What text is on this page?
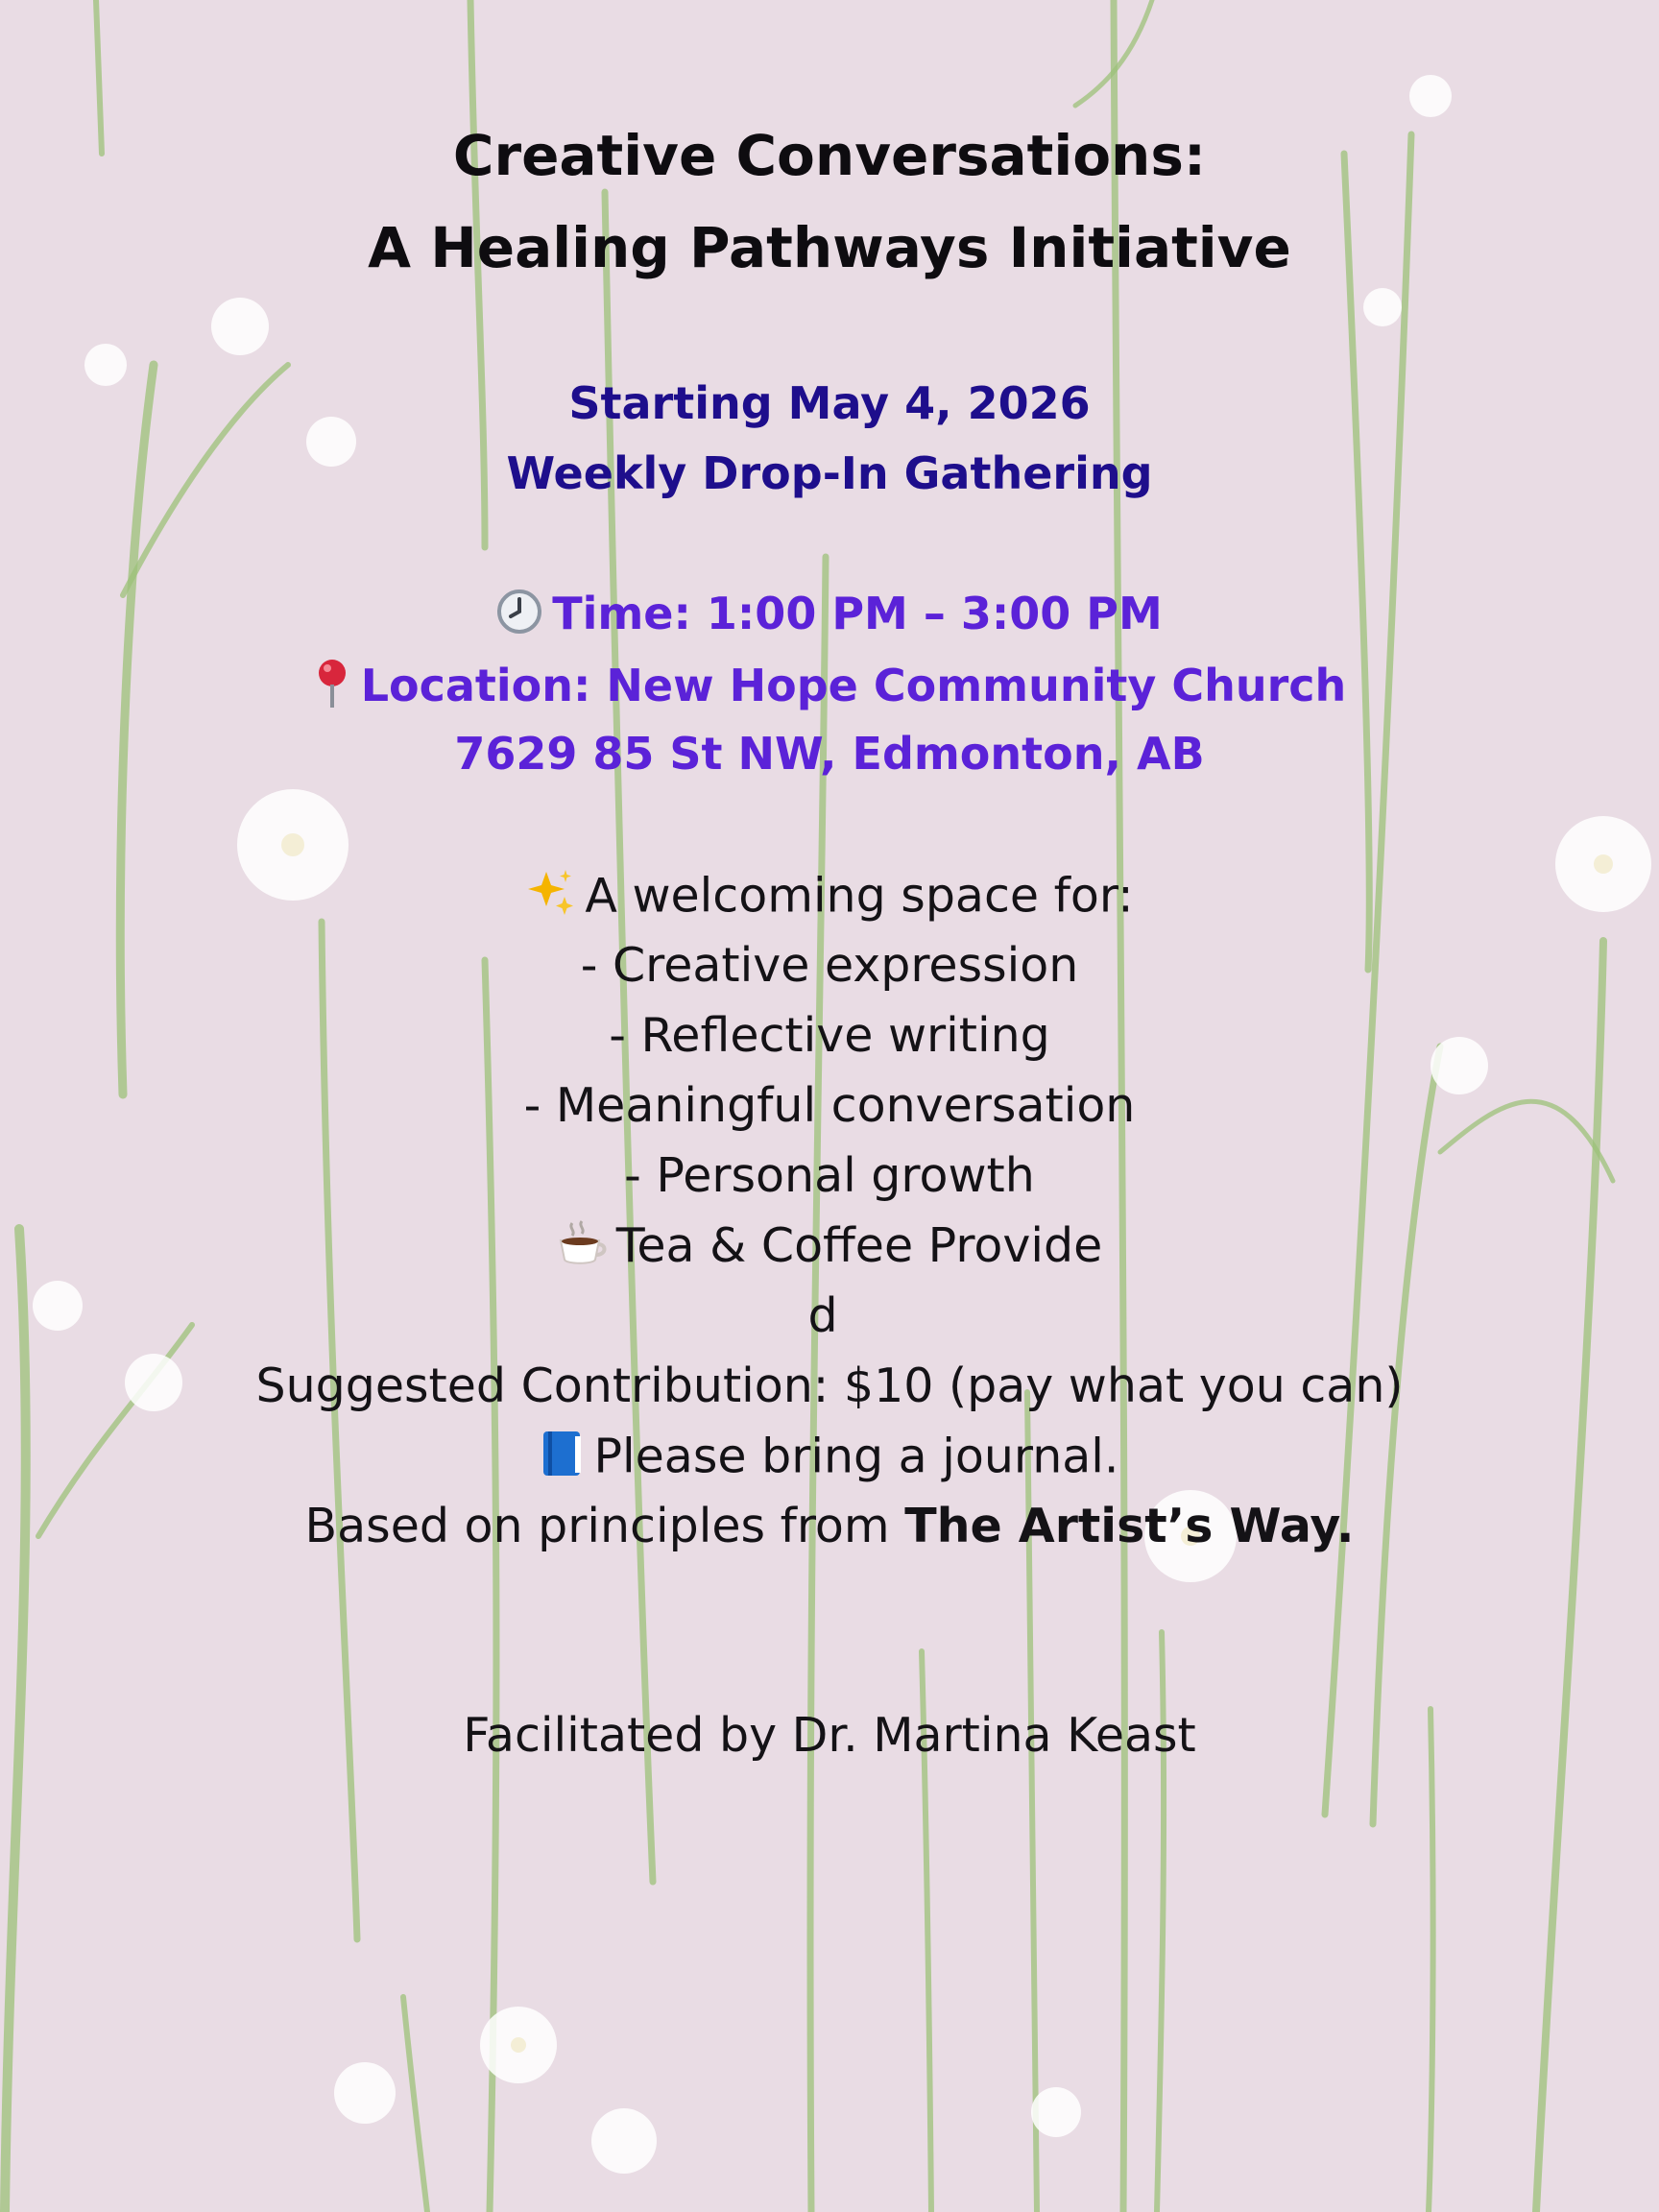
Creative Conversations:
A Healing Pathways Initiative
Starting May 4, 2026
Weekly Drop-In Gathering
Time: 1:00 PM – 3:00 PM
Location: New Hope Community Church
7629 85 St NW, Edmonton, AB
A welcoming space for:
- Creative expression
- Reflective writing
- Meaningful conversation
- Personal growth
Tea & Coffee Provide
d
Suggested Contribution: $10 (pay what you can)
Please bring a journal.
Based on principles from The Artist’s Way.
Facilitated by Dr. Martina Keast
